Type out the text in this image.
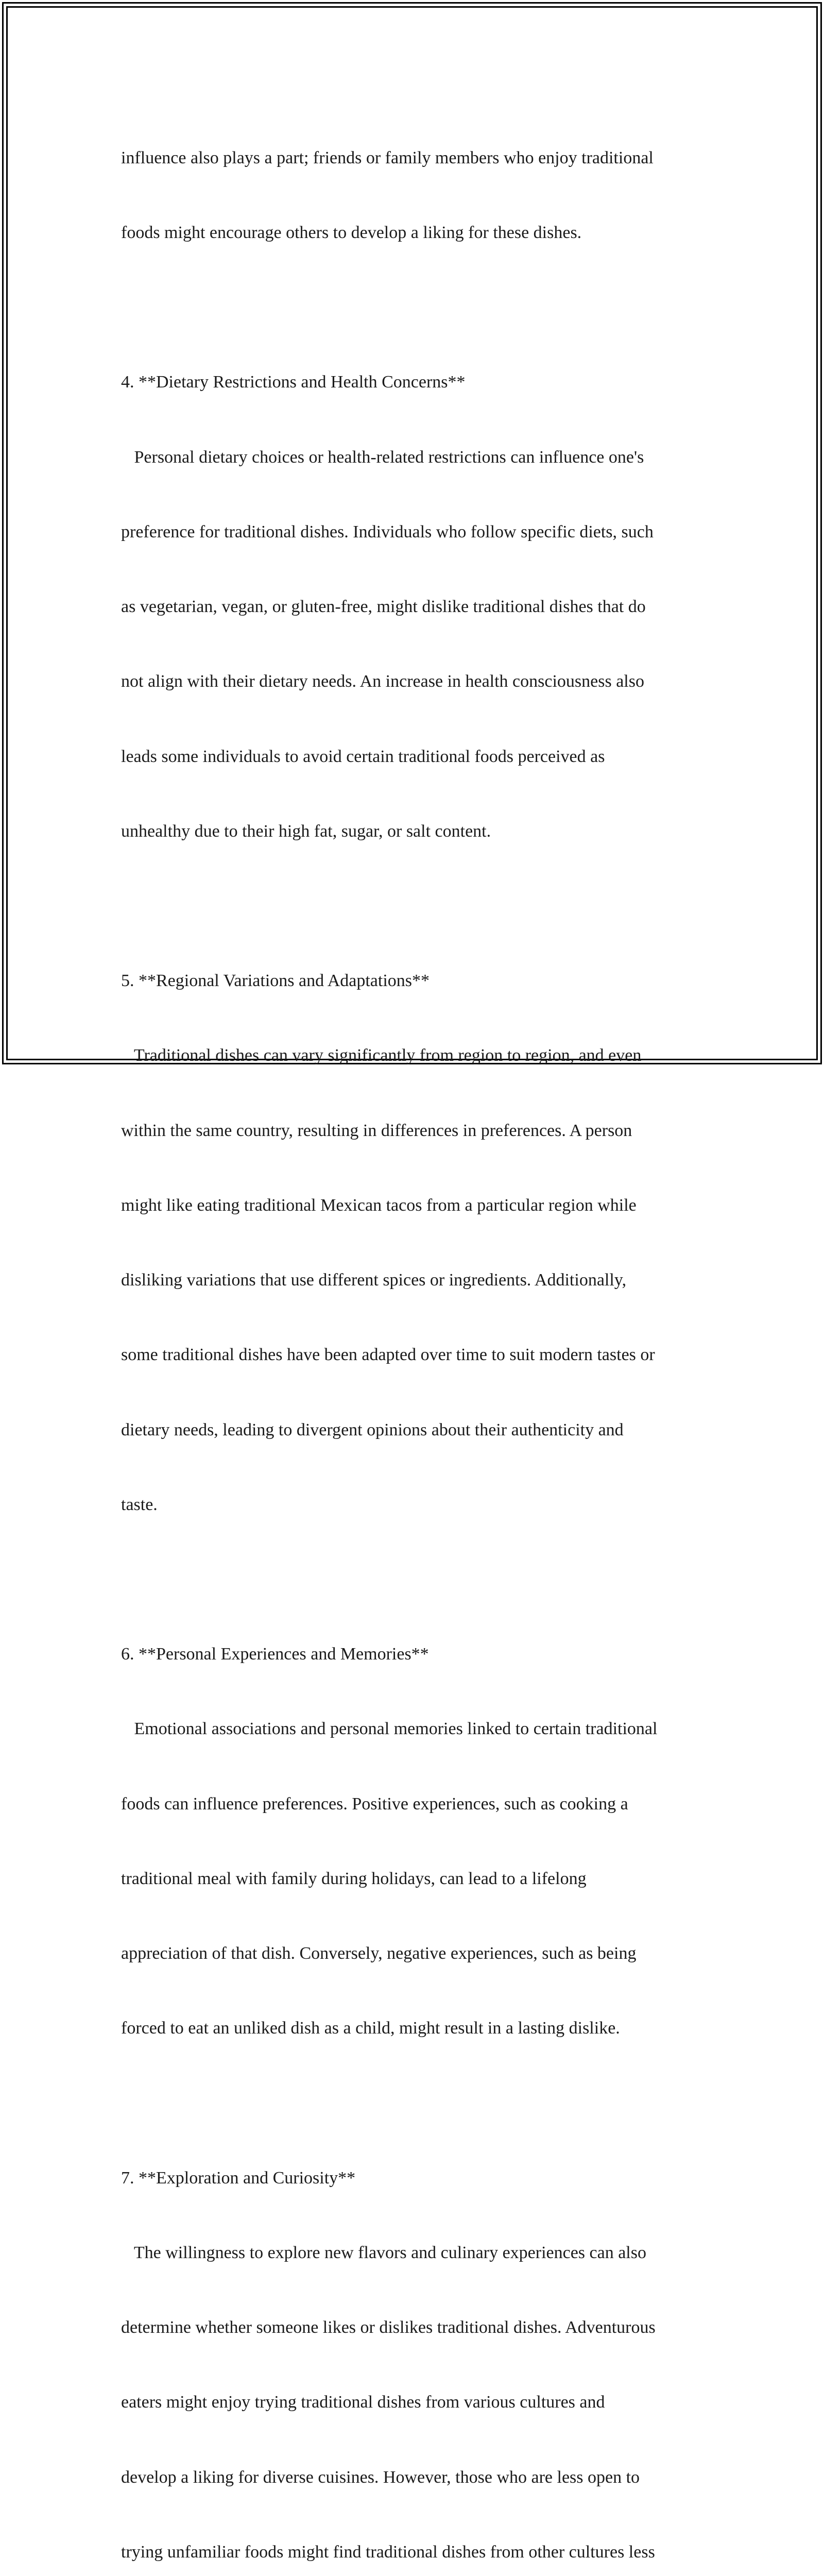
influence also plays a part; friends or family members who enjoy traditional

foods might encourage others to develop a liking for these dishes.

4. **Dietary Restrictions and Health Concerns**

Personal dietary choices or health-related restrictions can influence one's

preference for traditional dishes. Individuals who follow specific diets, such

as vegetarian, vegan, or gluten-free, might dislike traditional dishes that do

not align with their dietary needs. An increase in health consciousness also

leads some individuals to avoid certain traditional foods perceived as

unhealthy due to their high fat, sugar, or salt content.

5. **Regional Variations and Adaptations**

Traditional dishes can vary significantly from region to region, and even

within the same country, resulting in differences in preferences. A person

might like eating traditional Mexican tacos from a particular region while

disliking variations that use different spices or ingredients. Additionally,

some traditional dishes have been adapted over time to suit modern tastes or

dietary needs, leading to divergent opinions about their authenticity and

taste.

6. **Personal Experiences and Memories**

Emotional associations and personal memories linked to certain traditional

foods can influence preferences. Positive experiences, such as cooking a

traditional meal with family during holidays, can lead to a lifelong

appreciation of that dish. Conversely, negative experiences, such as being

forced to eat an unliked dish as a child, might result in a lasting dislike.

7. **Exploration and Curiosity**

The willingness to explore new flavors and culinary experiences can also

determine whether someone likes or dislikes traditional dishes. Adventurous

eaters might enjoy trying traditional dishes from various cultures and

develop a liking for diverse cuisines. However, those who are less open to

trying unfamiliar foods might find traditional dishes from other cultures less
